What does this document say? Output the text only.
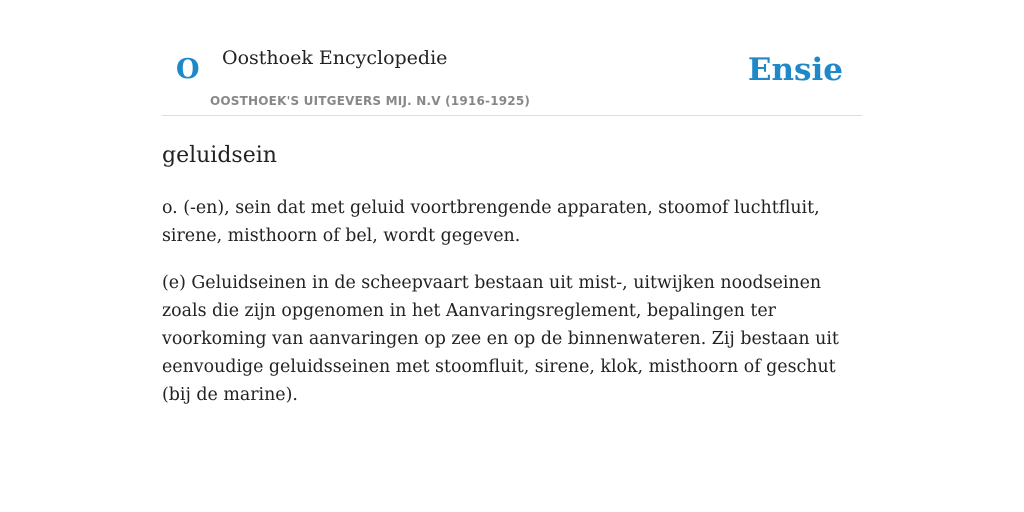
O Oosthoek Encyclopedie
OOSTHOEK'S UITGEVERS MIJ. N.V (1916-1925)
Ensie
geluidsein

o. (-en), sein dat met geluid voortbrengende apparaten, stoomof luchtfluit, sirene, misthoorn of bel, wordt gegeven.

(e) Geluidseinen in de scheepvaart bestaan uit mist-, uitwijken noodseinen zoals die zijn opgenomen in het Aanvaringsreglement, bepalingen ter voorkoming van aanvaringen op zee en op de binnenwateren. Zij bestaan uit eenvoudige geluidsseinen met stoomfluit, sirene, klok, misthoorn of geschut (bij de marine).
